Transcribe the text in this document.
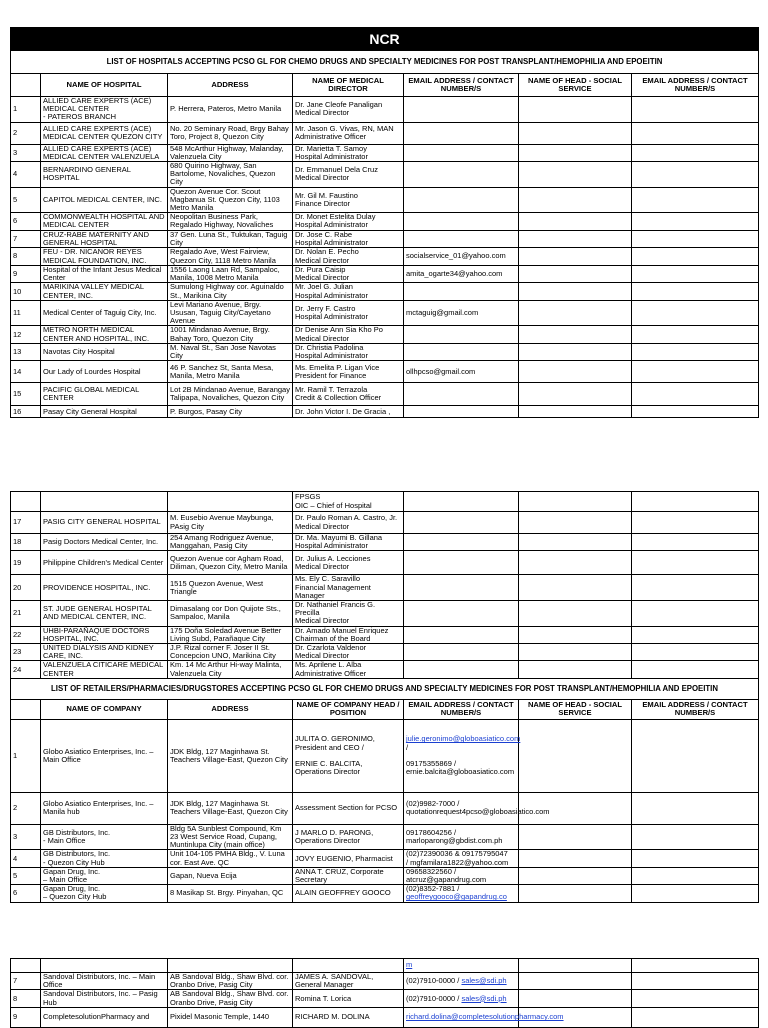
NCR						
LIST OF HOSPITALS ACCEPTING PCSO GL FOR CHEMO DRUGS AND SPECIALTY MEDICINES FOR POST TRANSPLANT/HEMOPHILIA AND EPOEITIN						
	NAME OF HOSPITAL	ADDRESS	NAME OF MEDICAL DIRECTOR	EMAIL ADDRESS / CONTACT NUMBER/S	NAME OF HEAD - SOCIAL SERVICE	EMAIL ADDRESS / CONTACT NUMBER/S
1	ALLIED CARE EXPERTS (ACE) MEDICAL CENTER
- PATEROS BRANCH	P. Herrera, Pateros, Metro Manila	Dr. Jane Cleofe Panaligan
Medical Director			
2	ALLIED CARE EXPERTS (ACE) MEDICAL CENTER QUEZON CITY	No. 20 Seminary Road, Brgy Bahay Toro, Project 8, Quezon City	Mr. Jason G. Vivas, RN, MAN
Administrative Officer			
3	ALLIED CARE EXPERTS (ACE) MEDICAL CENTER VALENZUELA	548 McArthur Highway, Malanday, Valenzuela City	Dr. Marietta T. Samoy
Hospital Administrator			
4	BERNARDINO GENERAL HOSPITAL	680 Quirino Highway, San Bartolome, Novaliches, Quezon City	Dr. Emmanuel Dela Cruz
Medical Director			
5	CAPITOL MEDICAL CENTER, INC.	Quezon Avenue Cor. Scout Magbanua St. Quezon City, 1103 Metro Manila	Mr. Gil M. Faustino
Finance Director			
6	COMMONWEALTH HOSPITAL AND MEDICAL CENTER	Neopolitan Business Park, Regalado Highway, Novaliches	Dr. Monet Estelita Dulay
Hospital Administrator			
7	CRUZ-RABE MATERNITY AND GENERAL HOSPITAL	37 Gen. Luna St., Tuktukan, Taguig City	Dr. Jose C. Rabe
Hospital Administrator			
8	FEU - DR. NICANOR REYES MEDICAL FOUNDATION, INC.	Regalado Ave, West Fairview, Quezon City, 1118 Metro Manila	Dr. Nolan E. Pecho
Medical Director	socialservice_01@yahoo.com		
9	Hospital of the Infant Jesus Medical Center	1556 Laong Laan Rd, Sampaloc, Manila, 1008 Metro Manila	Dr. Pura Caisip
Medical Director	amita_ogarte34@yahoo.com		
10	MARIKINA VALLEY MEDICAL CENTER, INC.	Sumulong Highway cor. Aguinaldo St., Marikina City	Mr. Joel G. Julian
Hospital Administrator			
11	Medical Center of Taguig City, Inc.	Levi Mariano Avenue, Brgy. Ususan, Taguig City/Cayetano Avenue	Dr. Jerry F. Castro
Hospital Administrator	mctaguig@gmail.com		
12	METRO NORTH MEDICAL CENTER AND HOSPITAL, INC.	1001 Mindanao Avenue, Brgy. Bahay Toro, Quezon City	Dr Denise Ann Sia Kho Po
Medical Director			
13	Navotas City Hospital	M. Naval St., San Jose Navotas City	Dr. Christia Padolina
Hospital Administrator			
14	Our Lady of Lourdes Hospital	46 P. Sanchez St, Santa Mesa, Manila, Metro Manila	Ms. Emelita P. Ligan Vice President for Finance	ollhpcso@gmail.com		
15	PACIFIC GLOBAL MEDICAL CENTER	Lot 2B Mindanao Avenue, Barangay Talipapa, Novaliches, Quezon City	Mr. Ramil T. Terrazola
Credit & Collection Officer			
16	Pasay City General Hospital	P. Burgos, Pasay City	Dr. John Victor I. De Gracia ,			
			FPSGS
OIC – Chief of Hospital			
17	PASIG CITY GENERAL HOSPITAL	M. Eusebio Avenue Maybunga, PAsig City	Dr. Paulo Roman A. Castro, Jr.
Medical Director			
18	Pasig Doctors Medical Center, Inc.	254 Amang Rodriguez Avenue, Manggahan, Pasig City	Dr. Ma. Mayumi B. Gillana
Hospital Administrator			
19	Philippine Children's Medical Center	Quezon Avenue cor Agham Road, Diliman, Quezon City, Metro Manila	Dr. Julius A. Lecciones
Medical Director			
20	PROVIDENCE HOSPITAL, INC.	1515 Quezon Avenue, West Triangle	Ms. Ely C. Saravillo
Financial Management Manager			
21	ST. JUDE GENERAL HOSPITAL AND MEDICAL CENTER, INC.	Dimasalang cor Don Quijote Sts., Sampaloc, Manila	Dr. Nathaniel Francis G. Precilla
Medical Director			
22	UHBI-PARAÑAQUE DOCTORS HOSPITAL, INC.	175 Doña Soledad Avenue Better Living Subd, Parañaque City	Dr. Amado Manuel Enriquez
Chairman of the Board			
23	UNITED DIALYSIS AND KIDNEY CARE, INC.	J.P. Rizal corner F. Joser II St. Concepcion UNO, Marikina City	Dr. Czarlota Valdenor
Medical Director			
24	VALENZUELA CITICARE MEDICAL CENTER	Km. 14 Mc Arthur Hi-way Malinta, Valenzuela City	Ms. Aprilene L. Alba
Administrative Officer			
LIST OF RETAILERS/PHARMACIES/DRUGSTORES ACCEPTING PCSO GL FOR CHEMO DRUGS AND SPECIALTY MEDICINES FOR POST TRANSPLANT/HEMOPHILIA AND EPOEITIN						
	NAME OF COMPANY	ADDRESS	NAME OF COMPANY HEAD / POSITION	EMAIL ADDRESS / CONTACT NUMBER/S	NAME OF HEAD - SOCIAL SERVICE	EMAIL ADDRESS / CONTACT NUMBER/S
1	Globo Asiatico Enterprises, Inc. – Main Office	JDK Bldg, 127 Maginhawa St. Teachers Village-East, Quezon City	JULITA O. GERONIMO, President and CEO /

ERNIE C. BALCITA, Operations Director	julie.geronimo@globoasiatico.com /

09175355869 /
ernie.balcita@globoasiatico.com		
2	Globo Asiatico Enterprises, Inc. – Manila hub	JDK Bldg, 127 Maginhawa St. Teachers Village-East, Quezon City	Assessment Section for PCSO	(02)9982-7000 /
quotationrequest4pcso@globoasiatico.com		
3	GB Distributors, Inc.
- Main Office	Bldg 5A Sunblest Compound, Km 23 West Service Road, Cupang, Muntinlupa City (main office)	J MARLO D. PARONG, Operations Director	09178604256 /
marloparong@gbdist.com.ph		
4	GB Distributors, Inc.
- Quezon City Hub	Unit 104-105 PMHA Bldg., V. Luna cor. East Ave. QC	JOVY EUGENIO, Pharmacist	(02)72390036 & 09175795047
/ mgfamilara1822@yahoo.com		
5	Gapan Drug, Inc.
– Main Office	Gapan, Nueva Ecija	ANNA T. CRUZ, Corporate Secretary	09658322560 /
atcruz@gapandrug.com		
6	Gapan Drug, Inc.
– Quezon City Hub	8 Masikap St. Brgy. Pinyahan, QC	ALAIN GEOFFREY GOOCO	(02)8352-7881 /
geoffreygooco@gapandrug.co		
				m		
7	Sandoval Distributors, Inc. – Main Office	AB Sandoval Bldg., Shaw Blvd. cor. Oranbo Drive, Pasig City	JAMES A. SANDOVAL, General Manager	(02)7910-0000 / sales@sdi.ph		
8	Sandoval Distributors, Inc. – Pasig Hub	AB Sandoval Bldg., Shaw Blvd. cor. Oranbo Drive, Pasig City	Romina T. Lorica	(02)7910-0000 / sales@sdi.ph		
9	CompletesolutionPharmacy and	Pixidel Masonic Temple, 1440	RICHARD M. DOLINA	richard.dolina@completesolutionpharmacy.com		
